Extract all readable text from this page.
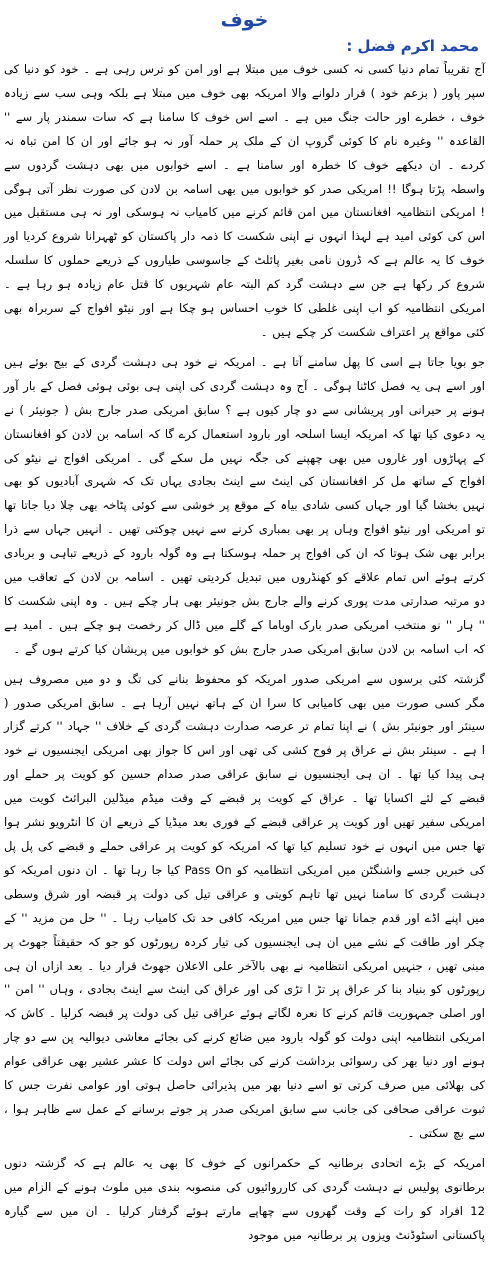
خوف
محمد اکرم فضل :

آج تقریباً تمام دنیا کسی نہ کسی خوف میں مبتلا ہے اور امن کو ترس رہی ہے ۔ خود کو دنیا کی سپر پاور ( بزعم خود ) قرار دلوانے والا امریکہ بھی خوف میں مبتلا ہے بلکہ وہی سب سے زیادہ خوف ، خطرے اور حالت جنگ میں ہے ۔ اسے اس خوف کا سامنا ہے کہ سات سمندر پار سے '' القاعدہ '' وغیرہ نام کا کوئی گروپ ان کے ملک پر حملہ آور نہ ہو جائے اور ان کا امن تباہ نہ کردے ۔ ان دیکھے خوف کا خطرہ اور سامنا ہے ۔ اسے خوابوں میں بھی دہشت گردوں سے واسطہ پڑتا ہوگا !! امریکی صدر کو خوابوں میں بھی اسامہ بن لادن کی صورت نظر آتی ہوگی ! امریکی انتظامیہ افغانستان میں امن قائم کرنے میں کامیاب نہ ہوسکی اور نہ ہی مستقبل میں اس کی کوئی امید ہے لہذا انہوں نے اپنی شکست کا ذمہ دار پاکستان کو ٹھہرانا شروع کردیا اور خوف کا یہ عالم ہے کہ ڈرون نامی بغیر پائلٹ کے جاسوسی طیاروں کے ذریعے حملوں کا سلسلہ شروع کر رکھا ہے جن سے دہشت گرد کم البتہ عام شہریوں کا قتل عام زیادہ ہو رہا ہے ۔ امریکی انتظامیہ کو اب اپنی غلطی کا خوب احساس ہو چکا ہے اور نیٹو افواج کے سربراہ بھی کئی مواقع پر اعتراف شکست کر چکے ہیں ۔

جو بویا جاتا ہے اسی کا پھل سامنے آتا ہے ۔ امریکہ نے خود ہی دہشت گردی کے بیج بوئے ہیں اور اسے ہی یہ فصل کاٹنا ہوگی ۔ آج وہ دہشت گردی کی اپنی ہی بوئی ہوئی فصل کے بار آور ہونے پر حیرانی اور پریشانی سے دو چار کیوں ہے ؟ سابق امریکی صدر جارج بش ( جونیئر ) نے یہ دعوی کیا تھا کہ امریکہ ایسا اسلحہ اور بارود استعمال کرے گا کہ اسامہ بن لادن کو افغانستان کے پہاڑوں اور غاروں میں بھی چھپنے کی جگہ نہیں مل سکے گی ۔ امریکی افواج نے نیٹو کی افواج کے ساتھ مل کر افغانستان کی اینٹ سے اینٹ بجادی یہاں تک کہ شہری آبادیوں کو بھی نہیں بخشا گیا اور جہاں کسی شادی بیاہ کے موقع پر خوشی سے کوئی پٹاخہ بھی چلا دیا جاتا تھا تو امریکی اور نیٹو افواج وہاں پر بھی بمباری کرنے سے نہیں چوکتی تھیں ۔ انہیں جہاں سے ذرا برابر بھی شک ہوتا کہ ان کی افواج پر حملہ ہوسکتا ہے وہ گولہ بارود کے ذریعے تباہی و بربادی کرتے ہوئے اس تمام علاقے کو کھنڈروں میں تبدیل کردیتی تھیں ۔ اسامہ بن لادن کے تعاقب میں دو مرتبہ صدارتی مدت پوری کرنے والے جارج بش جونیئر بھی ہار چکے ہیں ۔ وہ اپنی شکست کا '' ہار '' نو منتخب امریکی صدر بارک اوباما کے گلے میں ڈال کر رخصت ہو چکے ہیں ۔ امید ہے کہ اب اسامہ بن لادن سابق امریکی صدر جارج بش کو خوابوں میں پریشان کیا کرتے ہوں گے ۔

گزشتہ کئی برسوں سے امریکی صدور امریکہ کو محفوظ بنانے کی تگ و دو میں مصروف ہیں مگر کسی صورت میں بھی کامیابی کا سرا ان کے ہاتھ نہیں آرہا ہے ۔ سابق امریکی صدور ( سینئر اور جونیئر بش ) نے اپنا تمام تر عرصہ صدارت دہشت گردی کے خلاف '' جہاد '' کرتے گزار ا ہے ۔ سینئر بش نے عراق پر فوج کشی کی تھی اور اس کا جواز بھی امریکی ایجنسیوں نے خود ہی پیدا کیا تھا ۔ ان ہی ایجنسیوں نے سابق عراقی صدر صدام حسین کو کویت پر حملے اور قبضے کے لئے اکسایا تھا ۔ عراق کے کویت پر قبضے کے وقت میڈم میڈلین البرائٹ کویت میں امریکی سفیر تھیں اور کویت پر عراقی قبضے کے فوری بعد میڈیا کے ذریعے ان کا انٹرویو نشر ہوا تھا جس میں انہوں نے خود تسلیم کیا تھا کہ امریکہ کو کویت پر عراقی حملے و قبضے کی پل پل کی خبریں جسے واشنگٹن میں امریکی انتظامیہ کو Pass On کیا جا رہا تھا ۔ ان دنوں امریکہ کو دہشت گردی کا سامنا نہیں تھا تاہم کویتی و عراقی تیل کی دولت پر قبضہ اور شرق وسطی میں اپنے اڈے اور قدم جمانا تھا جس میں امریکہ کافی حد تک کامیاب رہا ۔ '' حل من مزید '' کے چکر اور طاقت کے نشے میں ان ہی ایجنسیوں کی تیار کردہ رپورٹوں کو جو کہ حقیقتاً جھوٹ پر مبنی تھیں ، جنہیں امریکی انتظامیہ نے بھی بالآخر علی الاعلان جھوٹ قرار دیا ۔ بعد ازاں ان ہی رپورٹوں کو بنیاد بنا کر عراق پر تڑ ا تڑی کی اور عراق کی اینٹ سے اینٹ بجادی ، وہاں '' امن '' اور اصلی جمہوریت قائم کرنے کا نعرہ لگاتے ہوئے عراقی تیل کی دولت پر قبضہ کرلیا ۔ کاش کہ امریکی انتظامیہ اپنی دولت کو گولہ بارود میں ضائع کرنے کی بجائے معاشی دیوالیہ پن سے دو چار ہونے اور دنیا بھر کی رسوائی برداشت کرنے کی بجائے اس دولت کا عشر عشیر بھی عراقی عوام کی بھلائی میں صرف کرتی تو اسے دنیا بھر میں پذیرائی حاصل ہوتی اور عوامی نفرت جس کا ثبوت عراقی صحافی کی جانب سے سابق امریکی صدر پر جوتے برسانے کے عمل سے ظاہر ہوا ، سے بچ سکتی ۔

امریکہ کے بڑے اتحادی برطانیہ کے حکمرانوں کے خوف کا بھی یہ عالم ہے کہ گزشتہ دنوں برطانوی پولیس نے دہشت گردی کی کارروائیوں کی منصوبہ بندی میں ملوث ہونے کے الزام میں 12 افراد کو رات کے وقت گھروں سے چھاپے مارتے ہوئے گرفتار کرلیا ۔ ان میں سے گیارہ پاکستانی اسٹوڈنٹ ویزوں پر برطانیہ میں موجود
